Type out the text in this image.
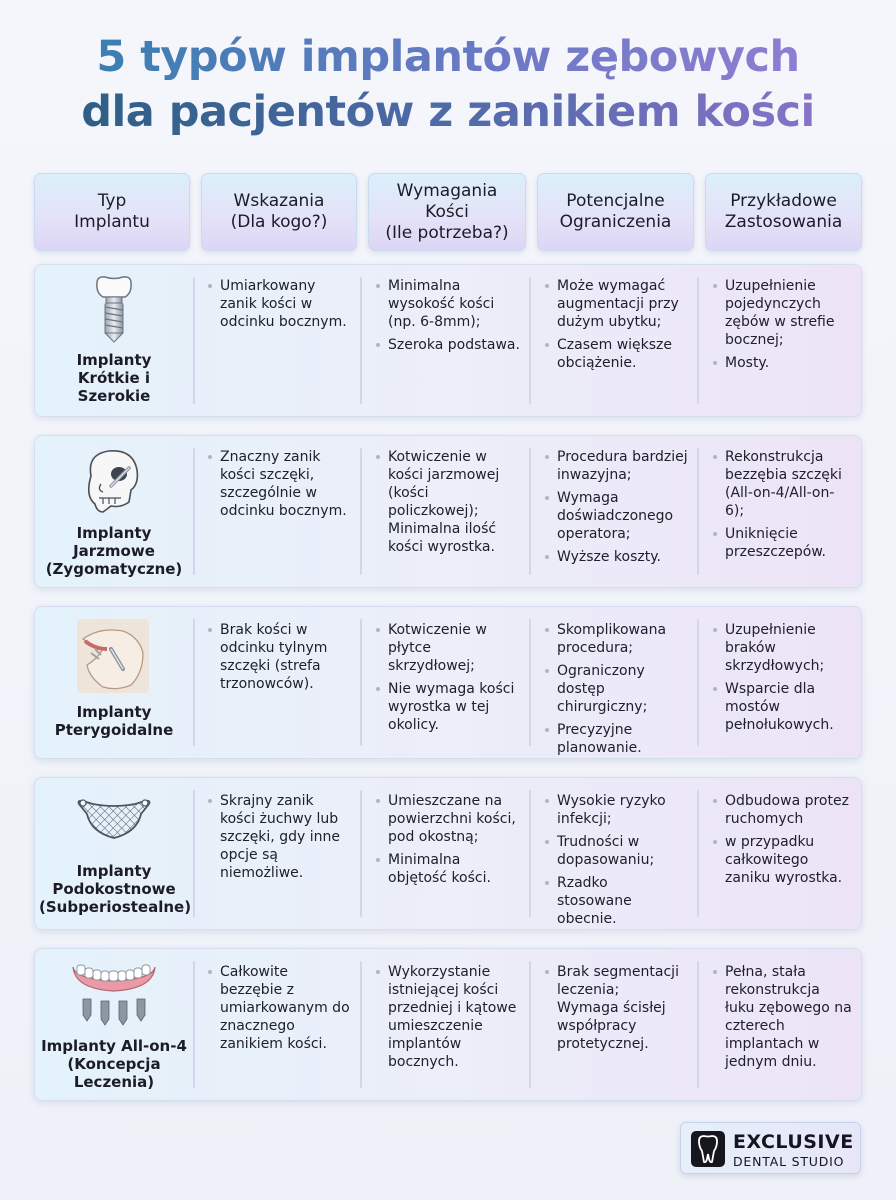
5 typów implantów zębowych
dla pacjentów z zanikiem kości
Typ
Implantu
Wskazania
(Dla kogo?)
Wymagania
Kości
(Ile potrzeba?)
Potencjalne
Ograniczenia
Przykładowe
Zastosowania
Implanty
Krótkie i
Szerokie
Umiarkowany
zanik kości w
odcinku bocznym.
Minimalna
wysokość kości
(np. 6-8mm);
Szeroka podstawa.
Może wymagać
augmentacji przy
dużym ubytku;
Czasem większe
obciążenie.
Uzupełnienie
pojedynczych
zębów w strefie
bocznej;
Mosty.
Implanty
Jarzmowe
(Zygomatyczne)
Znaczny zanik
kości szczęki,
szczególnie w
odcinku bocznym.
Kotwiczenie w
kości jarzmowej
(kości
policzkowej);
Minimalna ilość
kości wyrostka.
Procedura bardziej
inwazyjna;
Wymaga
doświadczonego
operatora;
Wyższe koszty.
Rekonstrukcja
bezzębia szczęki
(All-on-4/All-on-
6);
Uniknięcie
przeszczepów.
Implanty
Pterygoidalne
Brak kości w
odcinku tylnym
szczęki (strefa
trzonowców).
Kotwiczenie w
płytce
skrzydłowej;
Nie wymaga kości
wyrostka w tej
okolicy.
Skomplikowana
procedura;
Ograniczony
dostęp
chirurgiczny;
Precyzyjne
planowanie.
Uzupełnienie
braków
skrzydłowych;
Wsparcie dla
mostów
pełnołukowych.
Implanty
Podokostnowe
(Subperiostealne)
Skrajny zanik
kości żuchwy lub
szczęki, gdy inne
opcje są
niemożliwe.
Umieszczane na
powierzchni kości,
pod okostną;
Minimalna
objętość kości.
Wysokie ryzyko
infekcji;
Trudności w
dopasowaniu;
Rzadko
stosowane
obecnie.
Odbudowa protez
ruchomych
w przypadku
całkowitego
zaniku wyrostka.
Implanty All-on-4
(Koncepcja
Leczenia)
Całkowite
bezzębie z
umiarkowanym do
znacznego
zanikiem kości.
Wykorzystanie
istniejącej kości
przedniej i kątowe
umieszczenie
implantów
bocznych.
Brak segmentacji
leczenia;
Wymaga ścisłej
współpracy
protetycznej.
Pełna, stała
rekonstrukcja
łuku zębowego na
czterech
implantach w
jednym dniu.
EXCLUSIVE
DENTAL STUDIO
